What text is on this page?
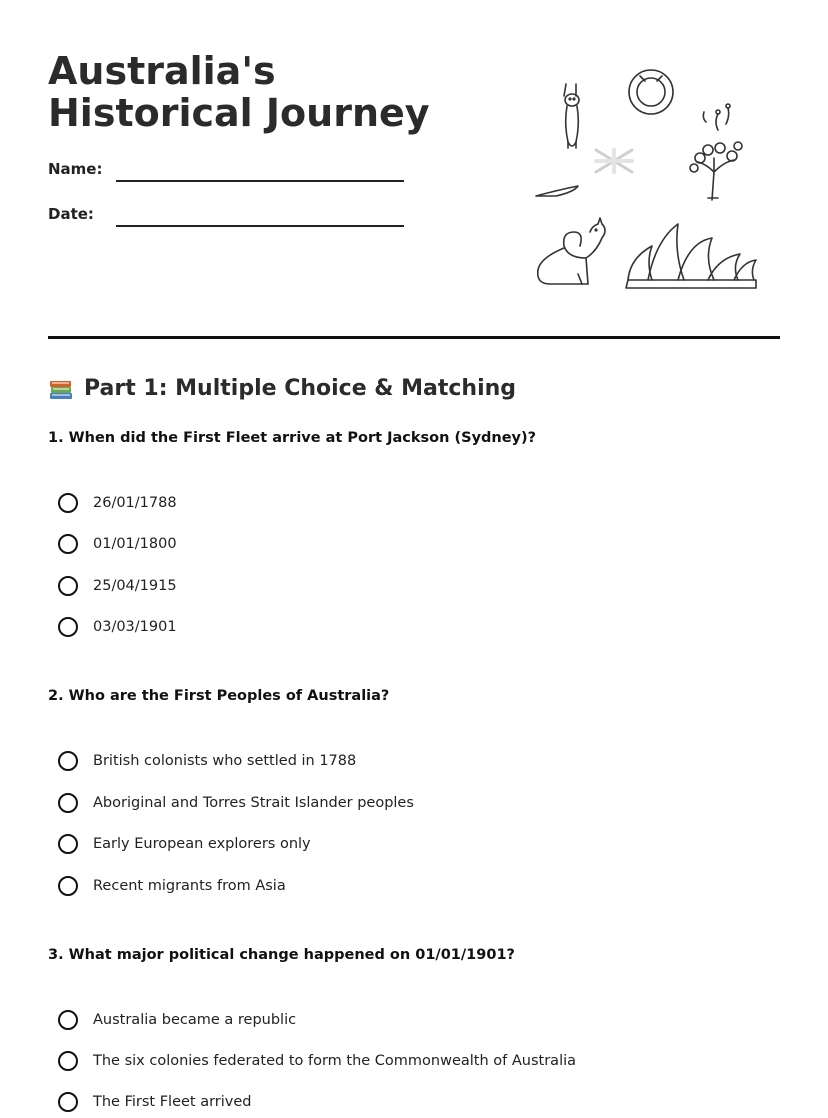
Australia's Historical Journey
Name:
Date:
Part 1: Multiple Choice & Matching

1. When did the First Fleet arrive at Port Jackson (Sydney)?

26/01/1788
01/01/1800
25/04/1915
03/03/1901

2. Who are the First Peoples of Australia?

British colonists who settled in 1788
Aboriginal and Torres Strait Islander peoples
Early European explorers only
Recent migrants from Asia

3. What major political change happened on 01/01/1901?

Australia became a republic
The six colonies federated to form the Commonwealth of Australia
The First Fleet arrived
